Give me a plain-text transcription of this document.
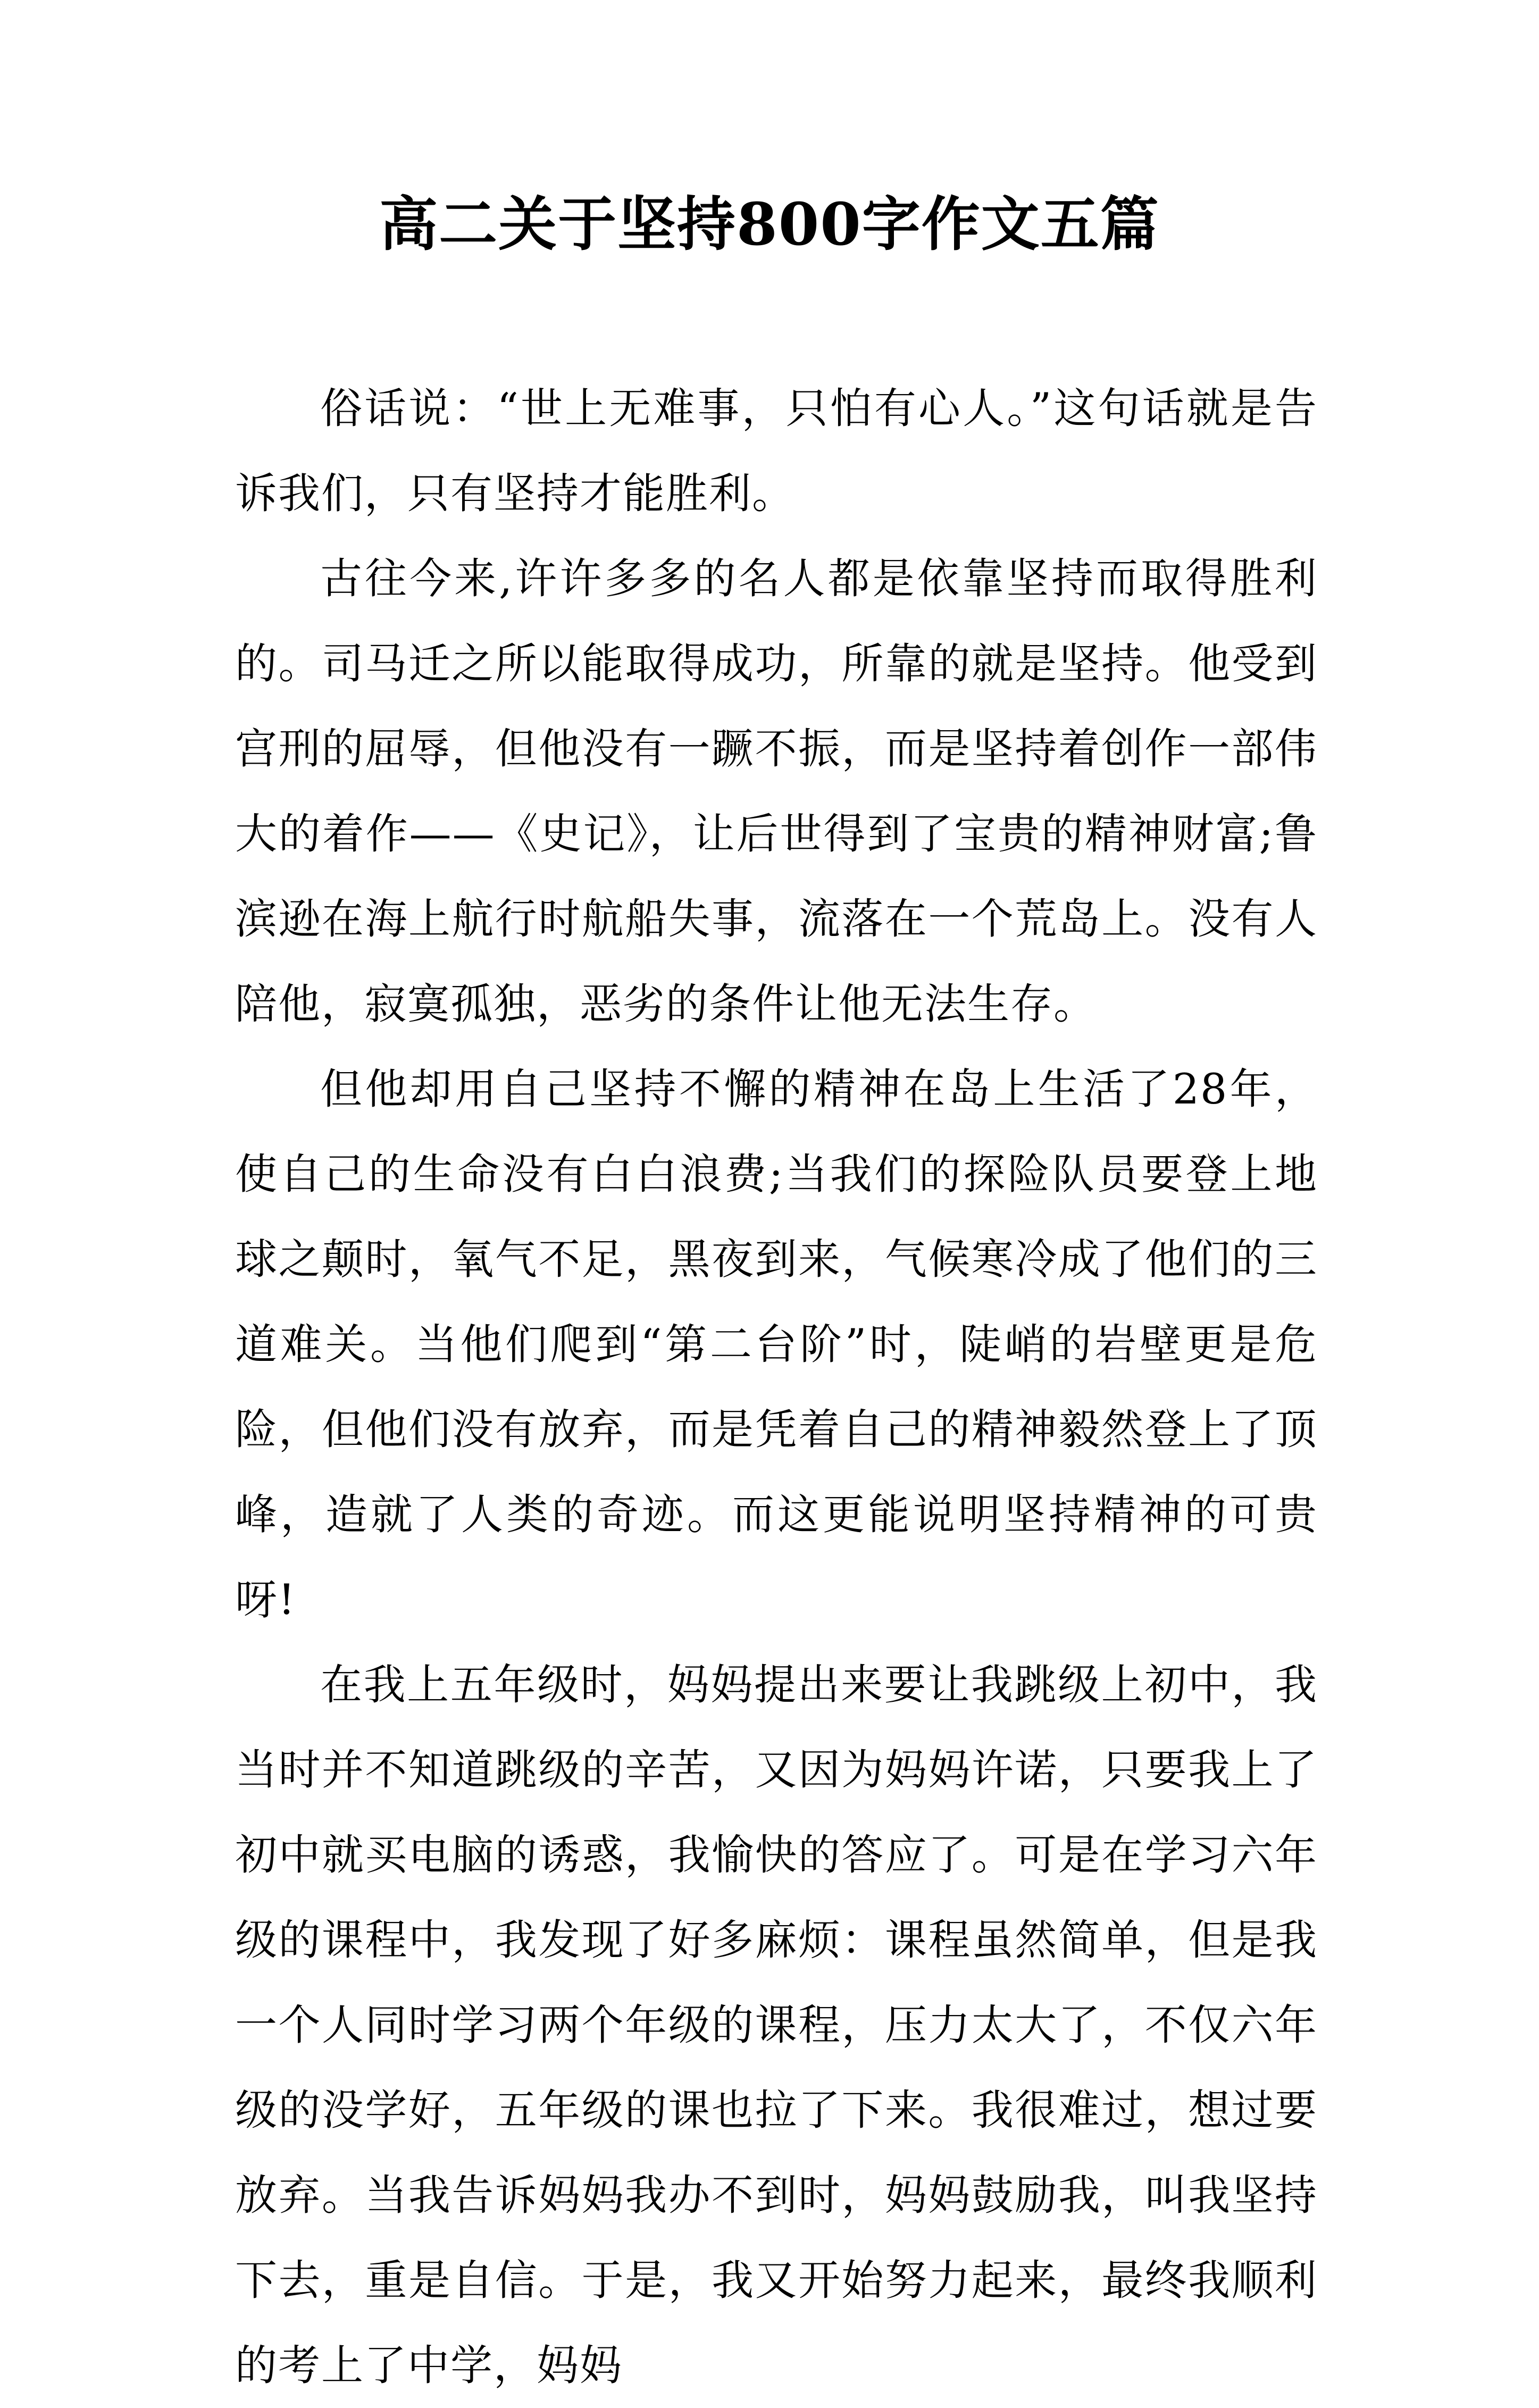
高二关于坚持800字作文五篇

俗话说：“世上无难事，只怕有心人。”这句话就是告诉我们，只有坚持才能胜利。

古往今来,许许多多的名人都是依靠坚持而取得胜利的。司马迁之所以能取得成功，所靠的就是坚持。他受到宫刑的屈辱，但他没有一蹶不振，而是坚持着创作一部伟大的着作——《史记》，让后世得到了宝贵的精神财富;鲁滨逊在海上航行时航船失事，流落在一个荒岛上。没有人陪他，寂寞孤独，恶劣的条件让他无法生存。

但他却用自己坚持不懈的精神在岛上生活了28年，使自己的生命没有白白浪费;当我们的探险队员要登上地球之颠时，氧气不足，黑夜到来，气候寒冷成了他们的三道难关。当他们爬到“第二台阶”时，陡峭的岩壁更是危险，但他们没有放弃，而是凭着自己的精神毅然登上了顶峰，造就了人类的奇迹。而这更能说明坚持精神的可贵呀!

在我上五年级时，妈妈提出来要让我跳级上初中，我当时并不知道跳级的辛苦，又因为妈妈许诺，只要我上了初中就买电脑的诱惑，我愉快的答应了。可是在学习六年级的课程中，我发现了好多麻烦：课程虽然简单，但是我一个人同时学习两个年级的课程，压力太大了，不仅六年级的没学好，五年级的课也拉了下来。我很难过，想过要放弃。当我告诉妈妈我办不到时，妈妈鼓励我，叫我坚持下去，重是自信。于是，我又开始努力起来，最终我顺利的考上了中学，妈妈
